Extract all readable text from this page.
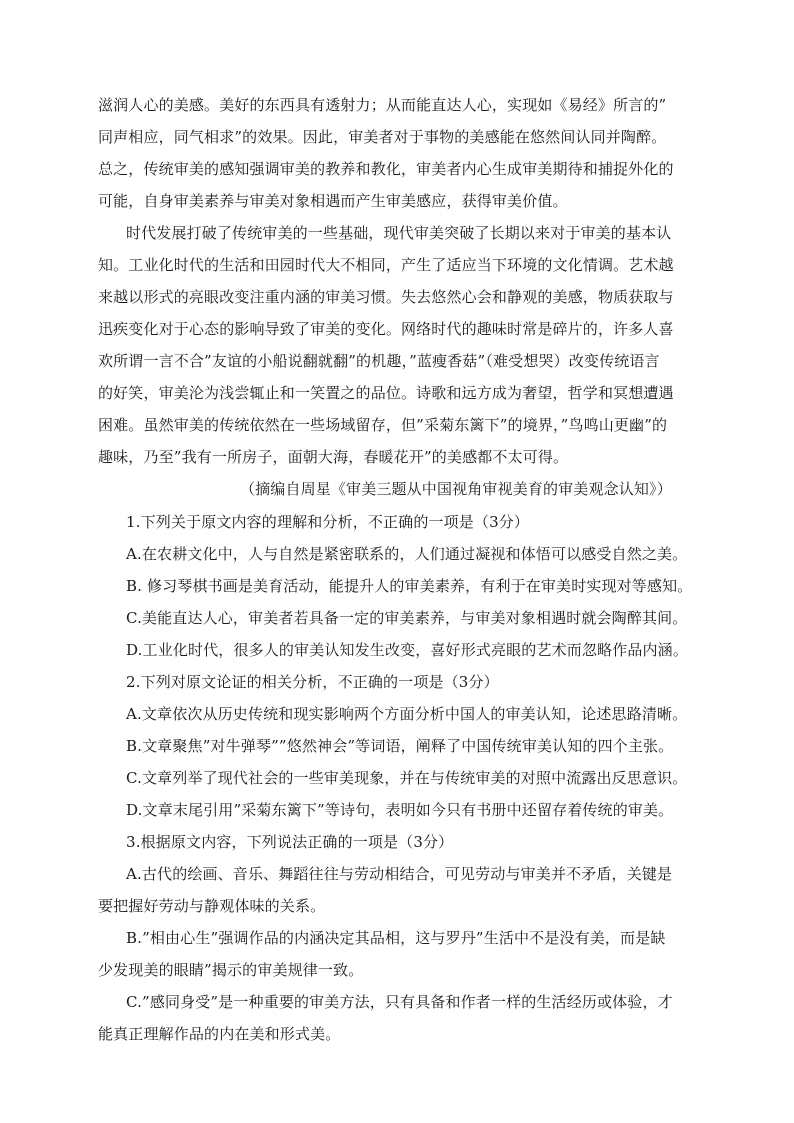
滋润人心的美感。美好的东西具有透射力；从而能直达人心，实现如《易经》所言的”
同声相应，同气相求”的效果。因此，审美者对于事物的美感能在悠然间认同并陶醉。
总之，传统审美的感知强调审美的教养和教化，审美者内心生成审美期待和捕捉外化的
可能，自身审美素养与审美对象相遇而产生审美感应，获得审美价值。
时代发展打破了传统审美的一些基础，现代审美突破了长期以来对于审美的基本认
知。工业化时代的生活和田园时代大不相同，产生了适应当下环境的文化情调。艺术越
来越以形式的亮眼改变注重内涵的审美习惯。失去悠然心会和静观的美感，物质获取与
迅疾变化对于心态的影响导致了审美的变化。网络时代的趣味时常是碎片的，许多人喜
欢所谓一言不合”友谊的小船说翻就翻”的机趣，”蓝瘦香菇”（难受想哭）改变传统语言
的好笑，审美沦为浅尝辄止和一笑置之的品位。诗歌和远方成为奢望，哲学和冥想遭遇
困难。虽然审美的传统依然在一些场域留存，但”采菊东篱下”的境界，”鸟鸣山更幽”的
趣味，乃至”我有一所房子，面朝大海，春暖花开”的美感都不太可得。
（摘编自周星《审美三题从中国视角审视美育的审美观念认知》）
1.下列关于原文内容的理解和分析，不正确的一项是（3分）
A.在农耕文化中，人与自然是紧密联系的，人们通过凝视和体悟可以感受自然之美。
B. 修习琴棋书画是美育活动，能提升人的审美素养，有利于在审美时实现对等感知。
C.美能直达人心，审美者若具备一定的审美素养，与审美对象相遇时就会陶醉其间。
D.工业化时代，很多人的审美认知发生改变，喜好形式亮眼的艺术而忽略作品内涵。
2.下列对原文论证的相关分析，不正确的一项是（3分）
A.文章依次从历史传统和现实影响两个方面分析中国人的审美认知，论述思路清晰。
B.文章聚焦”对牛弹琴””悠然神会”等词语，阐释了中国传统审美认知的四个主张。
C.文章列举了现代社会的一些审美现象，并在与传统审美的对照中流露出反思意识。
D.文章末尾引用”采菊东篱下”等诗句，表明如今只有书册中还留存着传统的审美。
3.根据原文内容，下列说法正确的一项是（3分）
A.古代的绘画、音乐、舞蹈往往与劳动相结合，可见劳动与审美并不矛盾，关键是
要把握好劳动与静观体味的关系。
B.”相由心生”强调作品的内涵决定其品相，这与罗丹”生活中不是没有美，而是缺
少发现美的眼睛”揭示的审美规律一致。
C.”感同身受”是一种重要的审美方法，只有具备和作者一样的生活经历或体验，才
能真正理解作品的内在美和形式美。
